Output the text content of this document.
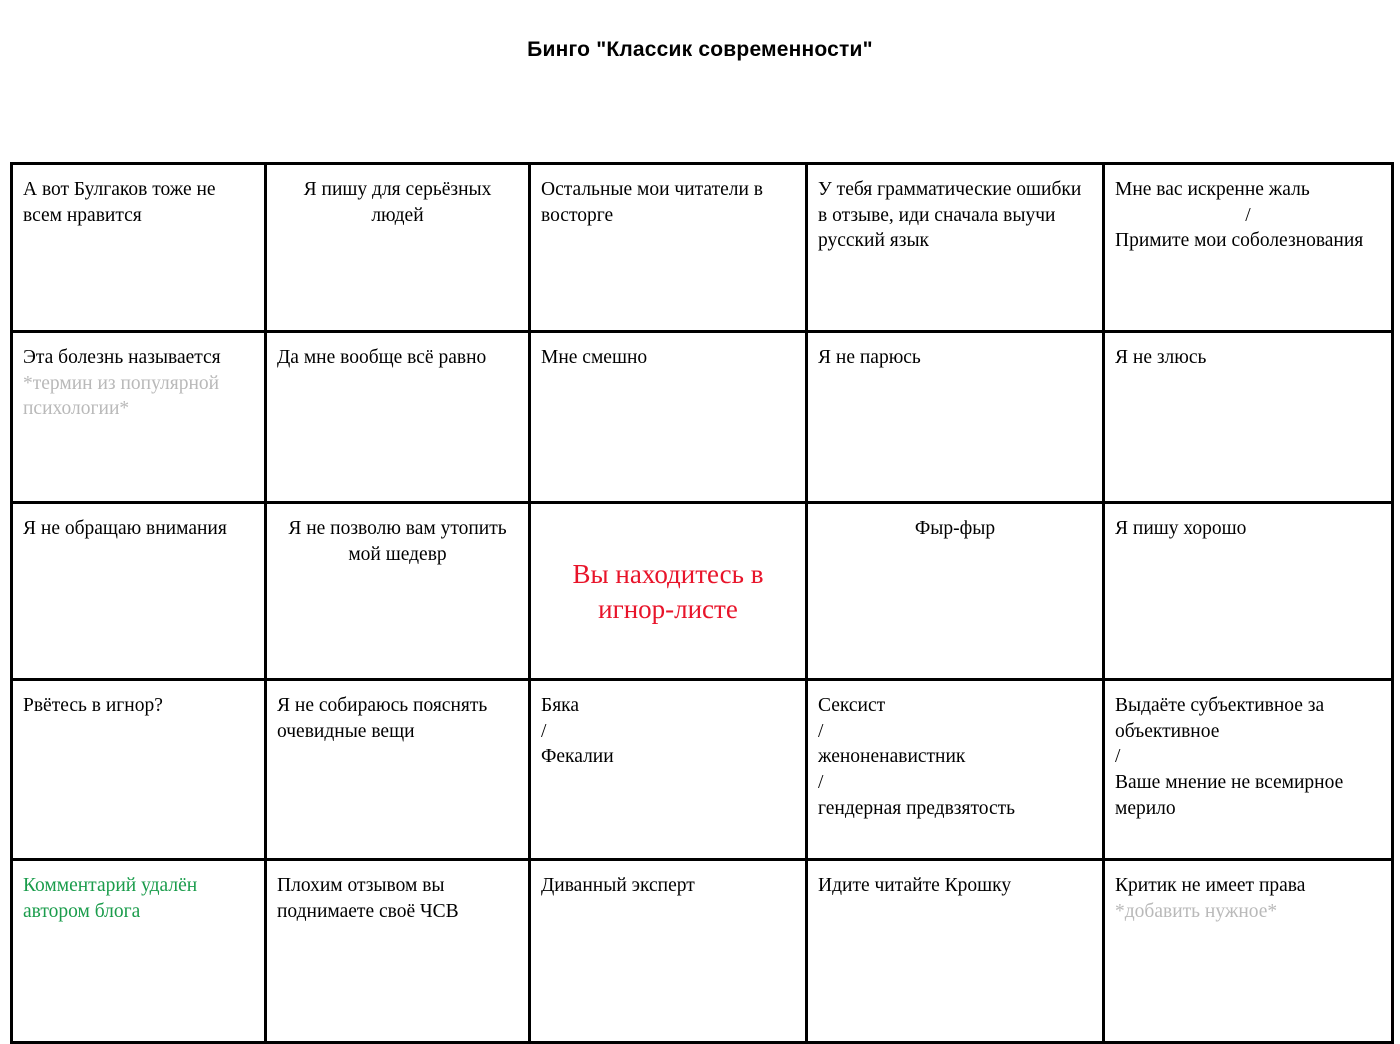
Бинго "Классик современности"
А вот Булгаков тоже не всем нравится	Я пишу для серьёзных людей	Остальные мои читатели в восторге	У тебя грамматические ошибки в отзыве, иди сначала выучи русский язык	Мне вас искренне жаль
/
Примите мои соболезнования

Эта болезнь называется *термин из популярной психологии*	Да мне вообще всё равно	Мне смешно	Я не парюсь	Я не злюсь

Я не обращаю внимания	Я не позволю вам утопить мой шедевр	Вы находитесь в игнор-листе	Фыр-фыр	Я пишу хорошо

Рвётесь в игнор?	Я не собираюсь пояснять очевидные вещи	Бяка
/
Фекалии	Сексист
/
женоненавистник
/
гендерная предвзятость	Выдаёте субъективное за объективное
/
Ваше мнение не всемирное мерило

Комментарий удалён автором блога	Плохим отзывом вы поднимаете своё ЧСВ	Диванный эксперт	Идите читайте Крошку	Критик не имеет права *добавить нужное*
